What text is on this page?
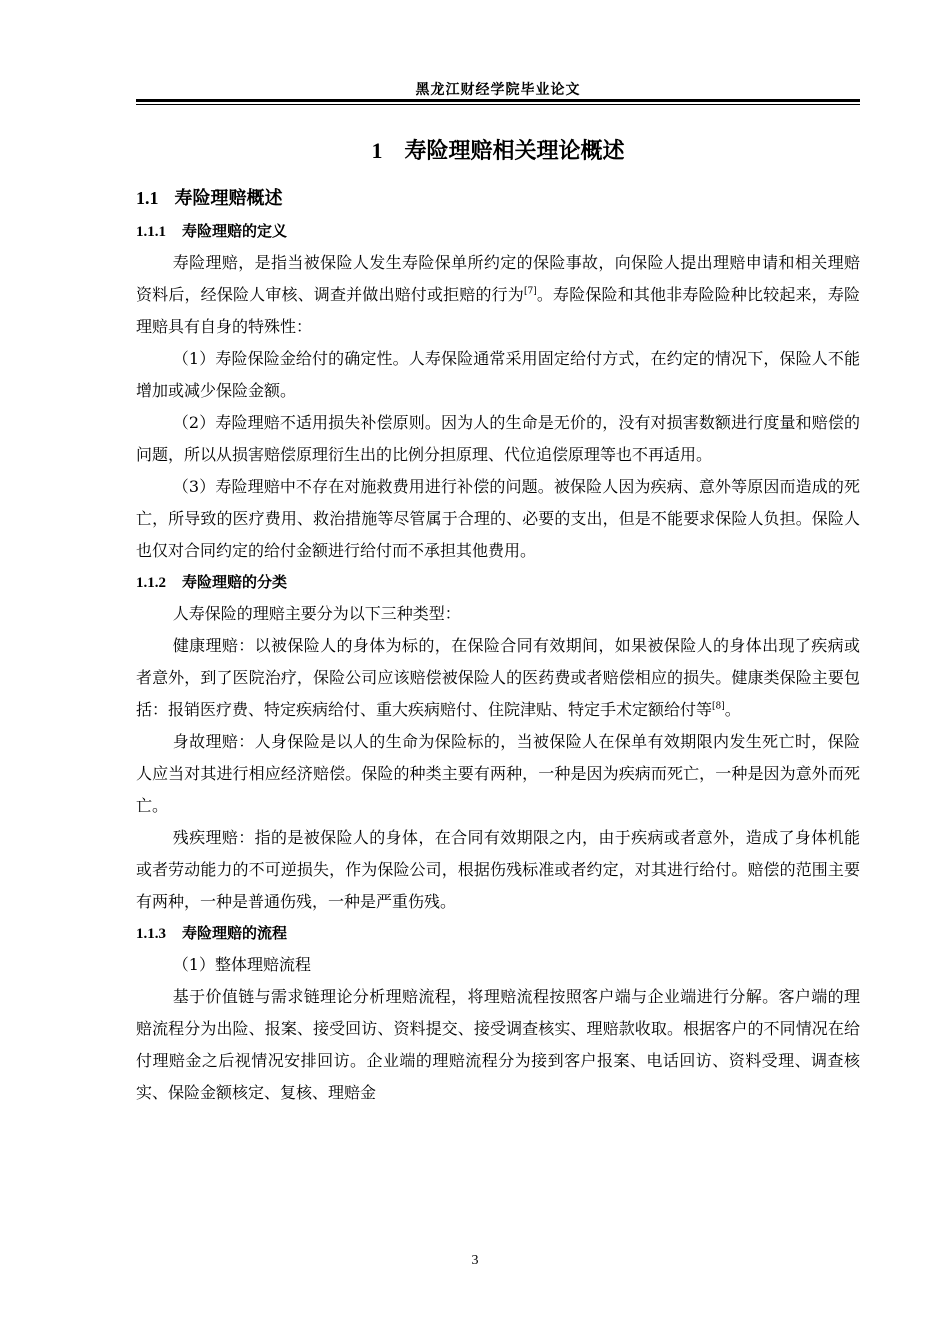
黑龙江财经学院毕业论文
1 寿险理赔相关理论概述
1.1 寿险理赔概述
1.1.1 寿险理赔的定义

寿险理赔，是指当被保险人发生寿险保单所约定的保险事故，向保险人提出理赔申请和相关理赔资料后，经保险人审核、调查并做出赔付或拒赔的行为[7]。寿险保险和其他非寿险险种比较起来，寿险理赔具有自身的特殊性：

（1）寿险保险金给付的确定性。人寿保险通常采用固定给付方式，在约定的情况下，保险人不能增加或减少保险金额。

（2）寿险理赔不适用损失补偿原则。因为人的生命是无价的，没有对损害数额进行度量和赔偿的问题，所以从损害赔偿原理衍生出的比例分担原理、代位追偿原理等也不再适用。

（3）寿险理赔中不存在对施救费用进行补偿的问题。被保险人因为疾病、意外等原因而造成的死亡，所导致的医疗费用、救治措施等尽管属于合理的、必要的支出，但是不能要求保险人负担。保险人也仅对合同约定的给付金额进行给付而不承担其他费用。

1.1.2 寿险理赔的分类

人寿保险的理赔主要分为以下三种类型：

健康理赔：以被保险人的身体为标的，在保险合同有效期间，如果被保险人的身体出现了疾病或者意外，到了医院治疗，保险公司应该赔偿被保险人的医药费或者赔偿相应的损失。健康类保险主要包括：报销医疗费、特定疾病给付、重大疾病赔付、住院津贴、特定手术定额给付等[8]。

身故理赔：人身保险是以人的生命为保险标的，当被保险人在保单有效期限内发生死亡时，保险人应当对其进行相应经济赔偿。保险的种类主要有两种，一种是因为疾病而死亡，一种是因为意外而死亡。

残疾理赔：指的是被保险人的身体，在合同有效期限之内，由于疾病或者意外，造成了身体机能或者劳动能力的不可逆损失，作为保险公司，根据伤残标准或者约定，对其进行给付。赔偿的范围主要有两种，一种是普通伤残，一种是严重伤残。

1.1.3 寿险理赔的流程

（1）整体理赔流程

基于价值链与需求链理论分析理赔流程，将理赔流程按照客户端与企业端进行分解。客户端的理赔流程分为出险、报案、接受回访、资料提交、接受调查核实、理赔款收取。根据客户的不同情况在给付理赔金之后视情况安排回访。企业端的理赔流程分为接到客户报案、电话回访、资料受理、调查核实、保险金额核定、复核、理赔金

3
